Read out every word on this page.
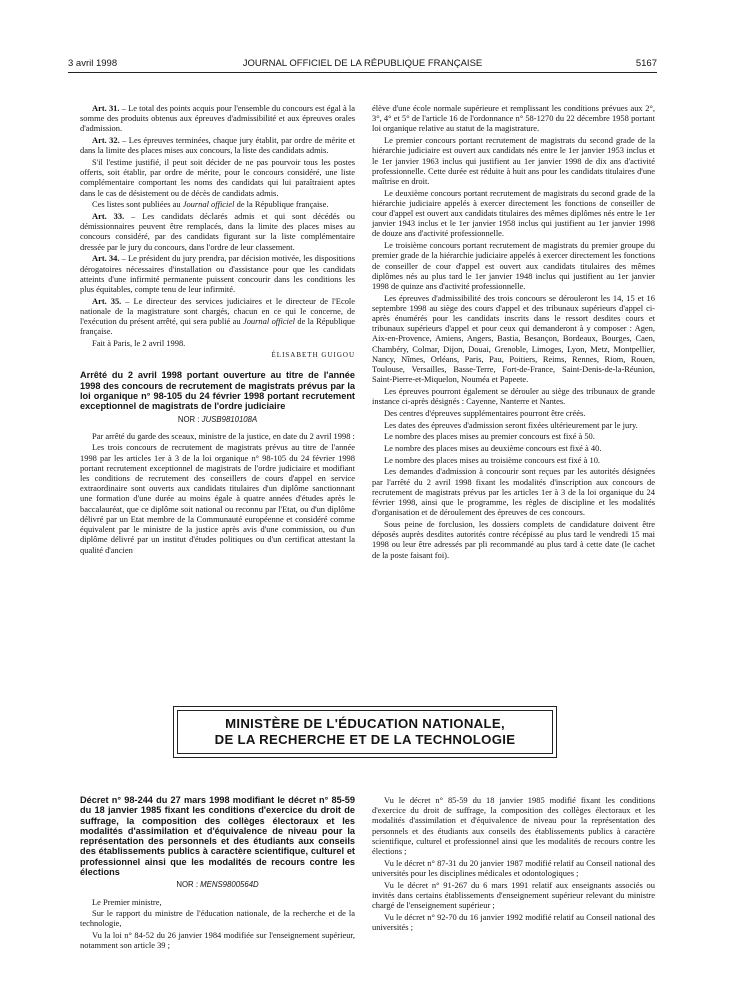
3 avril 1998	JOURNAL OFFICIEL DE LA RÉPUBLIQUE FRANÇAISE	5167

Art. 31. – Le total des points acquis pour l'ensemble du concours est égal à la somme des produits obtenus aux épreuves d'admissibilité et aux épreuves orales d'admission.

Art. 32. – Les épreuves terminées, chaque jury établit, par ordre de mérite et dans la limite des places mises aux concours, la liste des candidats admis.

S'il l'estime justifié, il peut soit décider de ne pas pourvoir tous les postes offerts, soit établir, par ordre de mérite, pour le concours considéré, une liste complémentaire comportant les noms des candidats qui lui paraîtraient aptes dans le cas de désistement ou de décès de candidats admis.

Ces listes sont publiées au Journal officiel de la République française.

Art. 33. – Les candidats déclarés admis et qui sont décédés ou démissionnaires peuvent être remplacés, dans la limite des places mises au concours considéré, par des candidats figurant sur la liste complémentaire dressée par le jury du concours, dans l'ordre de leur classement.

Art. 34. – Le président du jury prendra, par décision motivée, les dispositions dérogatoires nécessaires d'installation ou d'assistance pour que les candidats atteints d'une infirmité permanente puissent concourir dans les conditions les plus équitables, compte tenu de leur infirmité.

Art. 35. – Le directeur des services judiciaires et le directeur de l'Ecole nationale de la magistrature sont chargés, chacun en ce qui le concerne, de l'exécution du présent arrêté, qui sera publié au Journal officiel de la République française.

Fait à Paris, le 2 avril 1998.

ÉLISABETH GUIGOU
Arrêté du 2 avril 1998 portant ouverture au titre de l'année 1998 des concours de recrutement de magistrats prévus par la loi organique n° 98-105 du 24 février 1998 portant recrutement exceptionnel de magistrats de l'ordre judiciaire
NOR : JUSB9810108A

Par arrêté du garde des sceaux, ministre de la justice, en date du 2 avril 1998 :

Les trois concours de recrutement de magistrats prévus au titre de l'année 1998 par les articles 1er à 3 de la loi organique n° 98-105 du 24 février 1998 portant recrutement exceptionnel de magistrats de l'ordre judiciaire et modifiant les conditions de recrutement des conseillers de cours d'appel en service extraordinaire sont ouverts aux candidats titulaires d'un diplôme sanctionnant une formation d'une durée au moins égale à quatre années d'études après le baccalauréat, que ce diplôme soit national ou reconnu par l'Etat, ou d'un diplôme délivré par un Etat membre de la Communauté européenne et considéré comme équivalent par le ministre de la justice après avis d'une commission, ou d'un diplôme délivré par un institut d'études politiques ou d'un certificat attestant la qualité d'ancien

élève d'une école normale supérieure et remplissant les conditions prévues aux 2°, 3°, 4° et 5° de l'article 16 de l'ordonnance n° 58-1270 du 22 décembre 1958 portant loi organique relative au statut de la magistrature.

Le premier concours portant recrutement de magistrats du second grade de la hiérarchie judiciaire est ouvert aux candidats nés entre le 1er janvier 1953 inclus et le 1er janvier 1963 inclus qui justifient au 1er janvier 1998 de dix ans d'activité professionnelle. Cette durée est réduite à huit ans pour les candidats titulaires d'une maîtrise en droit.

Le deuxième concours portant recrutement de magistrats du second grade de la hiérarchie judiciaire appelés à exercer directement les fonctions de conseiller de cour d'appel est ouvert aux candidats titulaires des mêmes diplômes nés entre le 1er janvier 1943 inclus et le 1er janvier 1958 inclus qui justifient au 1er janvier 1998 de douze ans d'activité professionnelle.

Le troisième concours portant recrutement de magistrats du premier groupe du premier grade de la hiérarchie judiciaire appelés à exercer directement les fonctions de conseiller de cour d'appel est ouvert aux candidats titulaires des mêmes diplômes nés au plus tard le 1er janvier 1948 inclus qui justifient au 1er janvier 1998 de quinze ans d'activité professionnelle.

Les épreuves d'admissibilité des trois concours se dérouleront les 14, 15 et 16 septembre 1998 au siège des cours d'appel et des tribunaux supérieurs d'appel ci-après énumérés pour les candidats inscrits dans le ressort desdites cours et tribunaux supérieurs d'appel et pour ceux qui demanderont à y composer : Agen, Aix-en-Provence, Amiens, Angers, Bastia, Besançon, Bordeaux, Bourges, Caen, Chambéry, Colmar, Dijon, Douai, Grenoble, Limoges, Lyon, Metz, Montpellier, Nancy, Nîmes, Orléans, Paris, Pau, Poitiers, Reims, Rennes, Riom, Rouen, Toulouse, Versailles, Basse-Terre, Fort-de-France, Saint-Denis-de-la-Réunion, Saint-Pierre-et-Miquelon, Nouméa et Papeete.

Les épreuves pourront également se dérouler au siège des tribunaux de grande instance ci-après désignés : Cayenne, Nanterre et Nantes.

Des centres d'épreuves supplémentaires pourront être créés.

Les dates des épreuves d'admission seront fixées ultérieurement par le jury.

Le nombre des places mises au premier concours est fixé à 50.

Le nombre des places mises au deuxième concours est fixé à 40.

Le nombre des places mises au troisième concours est fixé à 10.

Les demandes d'admission à concourir sont reçues par les autorités désignées par l'arrêté du 2 avril 1998 fixant les modalités d'inscription aux concours de recrutement de magistrats prévus par les articles 1er à 3 de la loi organique du 24 février 1998, ainsi que le programme, les règles de discipline et les modalités d'organisation et de déroulement des épreuves de ces concours.

Sous peine de forclusion, les dossiers complets de candidature doivent être déposés auprès desdites autorités contre récépissé au plus tard le vendredi 15 mai 1998 ou leur être adressés par pli recommandé au plus tard à cette date (le cachet de la poste faisant foi).

MINISTÈRE DE L'ÉDUCATION NATIONALE,
DE LA RECHERCHE ET DE LA TECHNOLOGIE
Décret n° 98-244 du 27 mars 1998 modifiant le décret n° 85-59 du 18 janvier 1985 fixant les conditions d'exercice du droit de suffrage, la composition des collèges électoraux et les modalités d'assimilation et d'équivalence de niveau pour la représentation des personnels et des étudiants aux conseils des établissements publics à caractère scientifique, culturel et professionnel ainsi que les modalités de recours contre les élections
NOR : MENS9800564D

Le Premier ministre,

Sur le rapport du ministre de l'éducation nationale, de la recherche et de la technologie,

Vu la loi n° 84-52 du 26 janvier 1984 modifiée sur l'enseignement supérieur, notamment son article 39 ;

Vu le décret n° 85-59 du 18 janvier 1985 modifié fixant les conditions d'exercice du droit de suffrage, la composition des collèges électoraux et les modalités d'assimilation et d'équivalence de niveau pour la représentation des personnels et des étudiants aux conseils des établissements publics à caractère scientifique, culturel et professionnel ainsi que les modalités de recours contre les élections ;

Vu le décret n° 87-31 du 20 janvier 1987 modifié relatif au Conseil national des universités pour les disciplines médicales et odontologiques ;

Vu le décret n° 91-267 du 6 mars 1991 relatif aux enseignants associés ou invités dans certains établissements d'enseignement supérieur relevant du ministre chargé de l'enseignement supérieur ;

Vu le décret n° 92-70 du 16 janvier 1992 modifié relatif au Conseil national des universités ;
